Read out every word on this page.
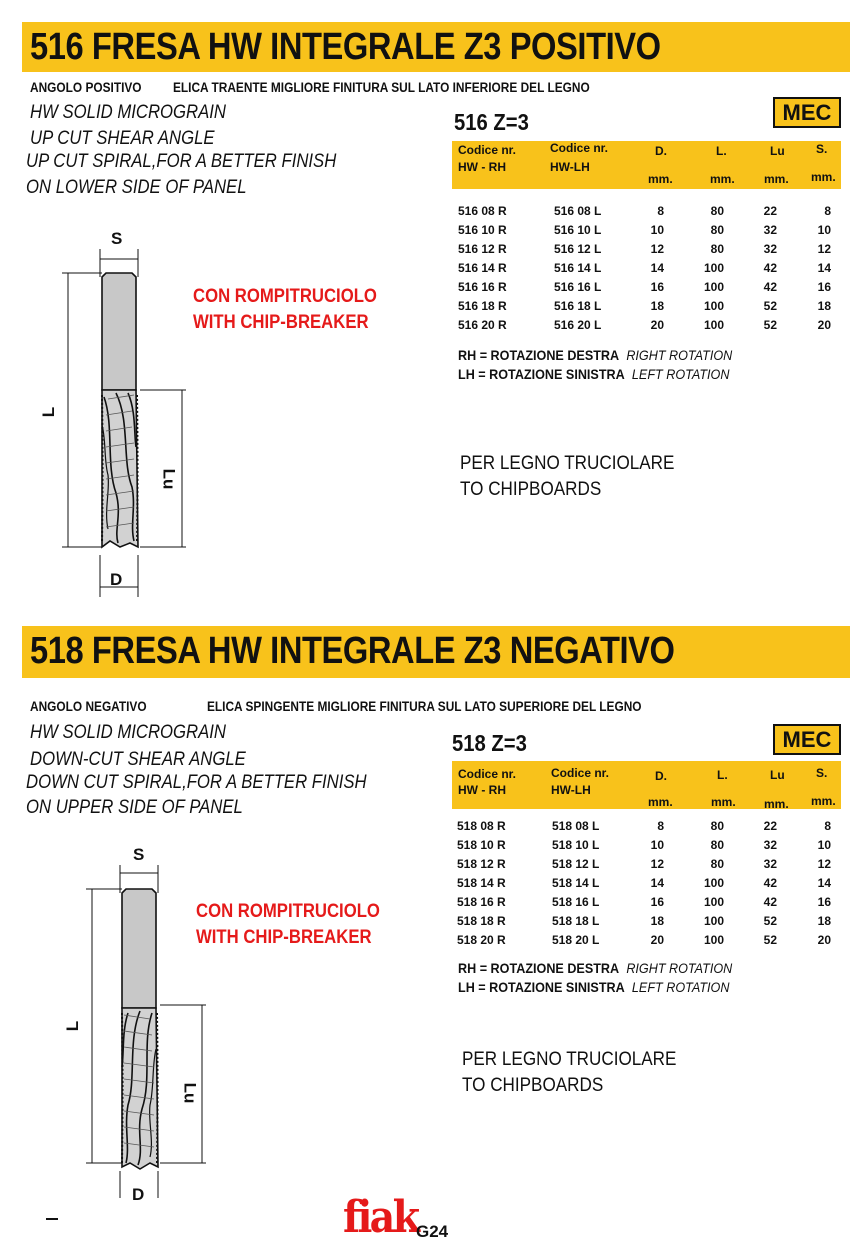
516 FRESA HW INTEGRALE Z3 POSITIVO
ANGOLO POSITIVO ELICA TRAENTE MIGLIORE FINITURA SUL LATO INFERIORE DEL LEGNO
HW SOLID MICROGRAIN
UP CUT SHEAR ANGLE
UP CUT SPIRAL,FOR A BETTER FINISH
ON LOWER SIDE OF PANEL
516 Z=3	MEC
Codice nr.
HW - RH
Codice nr.
HW-LH
D.	L.	Lu	S.
mm.	mm. mm. mm.
516 08 R	516 08 L	8	80	22	8
516 10 R	516 10 L	10	80	32	10
516 12 R	516 12 L	12	80	32	12
516 14 R	516 14 L	14	100	42	14
516 16 R	516 16 L	16	100	42	16
516 18 R	516 18 L	18	100	52	18
516 20 R	516 20 L	20	100	52	20
RH = ROTAZIONE DESTRA RIGHT ROTATION
LH = ROTAZIONE SINISTRA LEFT ROTATION
PER LEGNO TRUCIOLARE
TO CHIPBOARDS
CON ROMPITRUCIOLO
WITH CHIP-BREAKER
S
L
Lu
D
518 FRESA HW INTEGRALE Z3 NEGATIVO
ANGOLO NEGATIVO	ELICA SPINGENTE MIGLIORE FINITURA SUL LATO SUPERIORE DEL LEGNO
HW SOLID MICROGRAIN
DOWN-CUT SHEAR ANGLE
DOWN CUT SPIRAL,FOR A BETTER FINISH
ON UPPER SIDE OF PANEL
518 Z=3	MEC
Codice nr.
HW - RH
Codice nr.
HW-LH
D.	L.	Lu	S.
mm.	mm. mm. mm.
518 08 R	518 08 L	8	80	22	8
518 10 R	518 10 L	10	80	32	10
518 12 R	518 12 L	12	80	32	12
518 14 R	518 14 L	14	100	42	14
518 16 R	518 16 L	16	100	42	16
518 18 R	518 18 L	18	100	52	18
518 20 R	518 20 L	20	100	52	20
RH = ROTAZIONE DESTRA RIGHT ROTATION
LH = ROTAZIONE SINISTRA LEFT ROTATION
PER LEGNO TRUCIOLARE
TO CHIPBOARDS
CON ROMPITRUCIOLO
WITH CHIP-BREAKER
S
L
Lu
D	fiak
G24
